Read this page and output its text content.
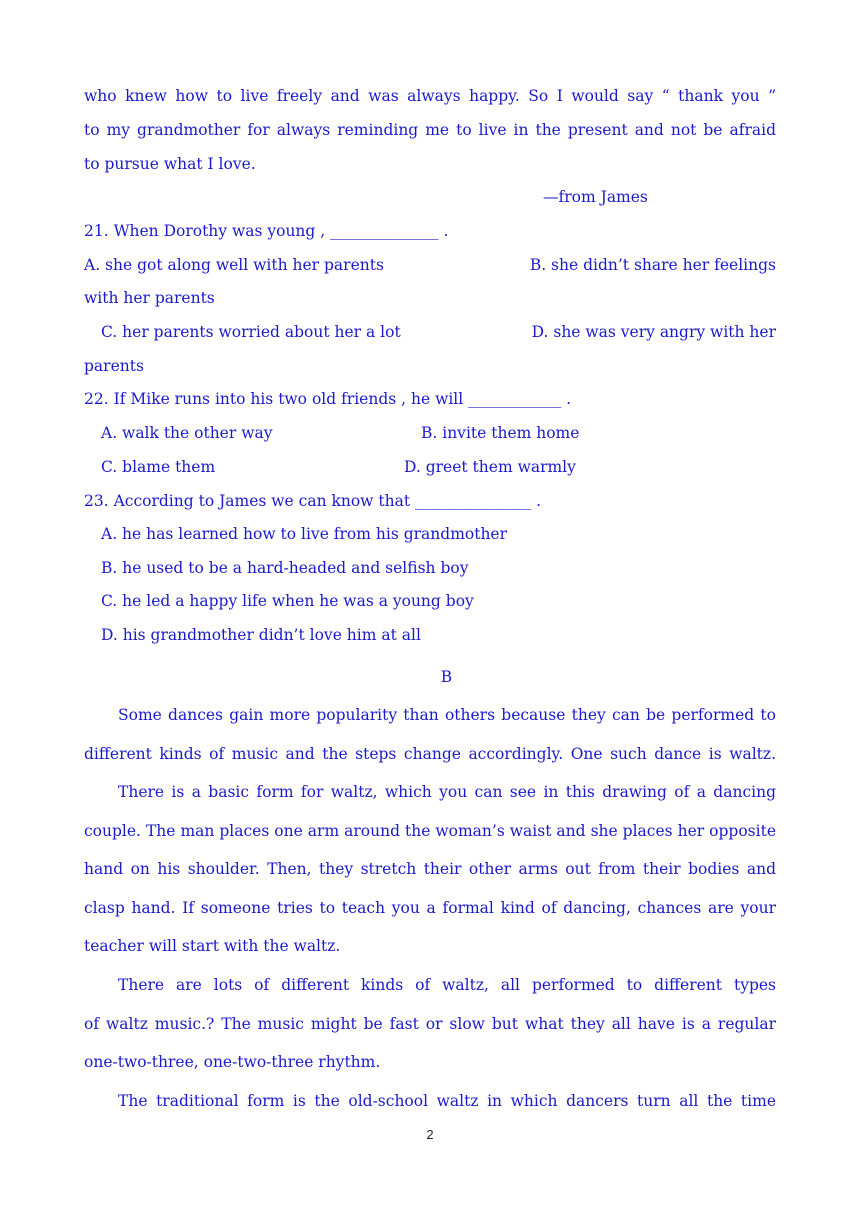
who knew how to live freely and was always happy. So I would say “ thank you ”
to my grandmother for always reminding me to live in the present and not be afraid
to pursue what I love.
—from James
21. When Dorothy was young , ______________ .
A. she got along well with her parents	B. she didn’t share her feelings
with her parents
C. her parents worried about her a lot	D. she was very angry with her
parents
22. If Mike runs into his two old friends , he will ____________ .
A. walk the other way	B. invite them home
C. blame them	D. greet them warmly
23. According to James we can know that _______________ .
A. he has learned how to live from his grandmother
B. he used to be a hard-headed and selfish boy
C. he led a happy life when he was a young boy
D. his grandmother didn’t love him at all
B
Some dances gain more popularity than others because they can be performed to
different kinds of music and the steps change accordingly. One such dance is waltz.
There is a basic form for waltz, which you can see in this drawing of a dancing
couple. The man places one arm around the woman’s waist and she places her opposite
hand on his shoulder. Then, they stretch their other arms out from their bodies and
clasp hand. If someone tries to teach you a formal kind of dancing, chances are your
teacher will start with the waltz.
There are lots of different kinds of waltz, all performed to different types
of waltz music.? The music might be fast or slow but what they all have is a regular
one-two-three, one-two-three rhythm.
The traditional form is the old-school waltz in which dancers turn all the time
2
